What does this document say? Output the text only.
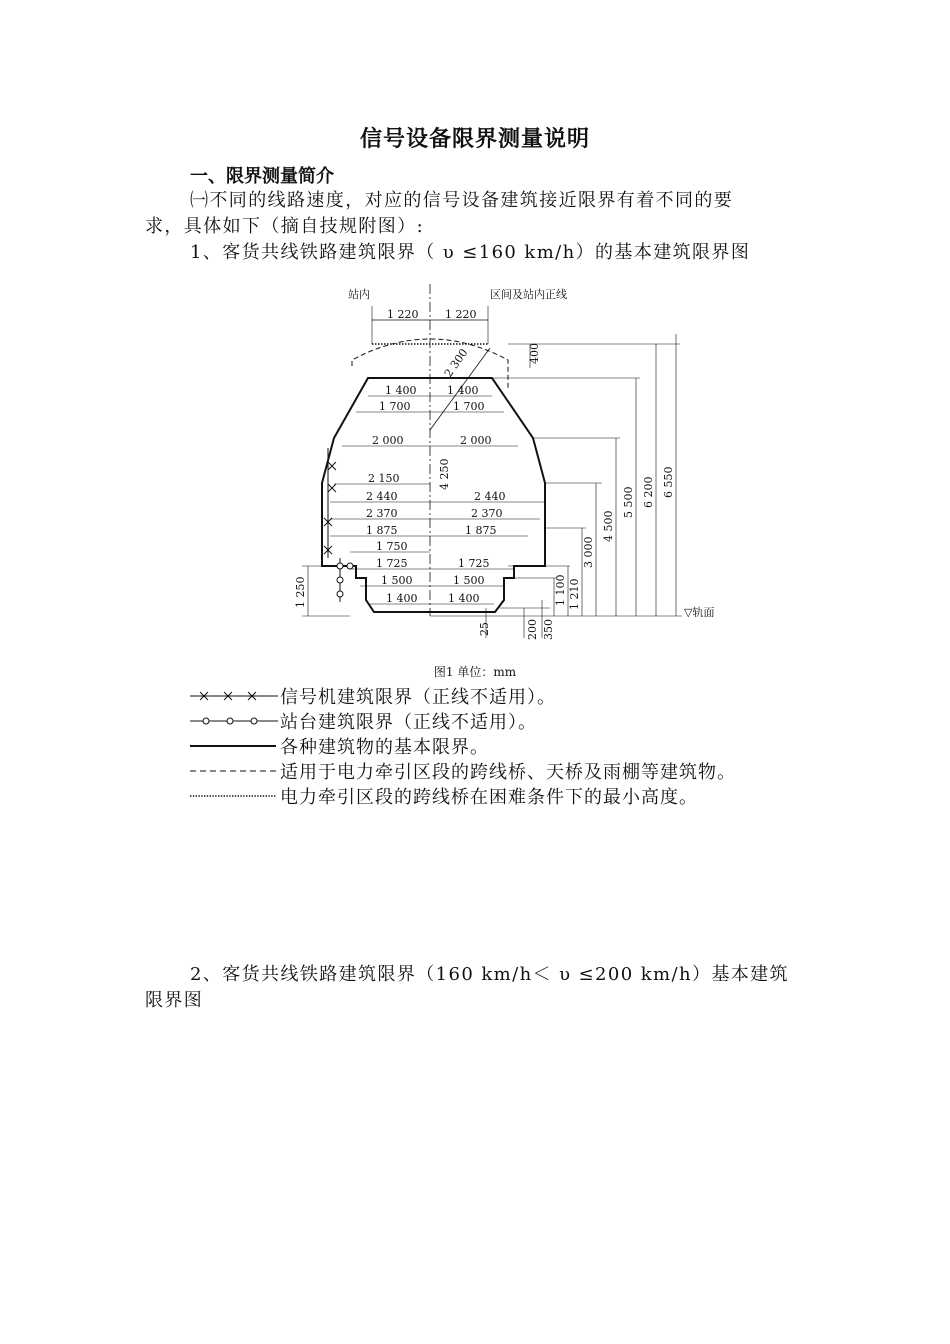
信号设备限界测量说明
一、限界测量简介
㈠不同的线路速度，对应的信号设备建筑接近限界有着不同的要
求，具体如下（摘自技规附图）:
1、客货共线铁路建筑限界（ υ ≤160 km/h）的基本建筑限界图
站内	区间及站内正线
2 300
1 220 1 220
1 400	1 400
1 700	1 700
2 000	2 000
2 150
2 440	2 440
2 370	2 370
1 875	1 875
1 750
1 725	1 725
1 500	1 500
1 400	1 400
1 250
4 250
400
6 550
6 200
5 500
4 500
3 000
1 210
1 100
350
200
25
▽轨面
图1 单位：mm
信号机建筑限界（正线不适用）。
站台建筑限界（正线不适用）。
各种建筑物的基本限界。
适用于电力牵引区段的跨线桥、天桥及雨棚等建筑物。
电力牵引区段的跨线桥在困难条件下的最小高度。
2、客货共线铁路建筑限界（160 km/h＜ υ ≤200 km/h）基本建筑
限界图
